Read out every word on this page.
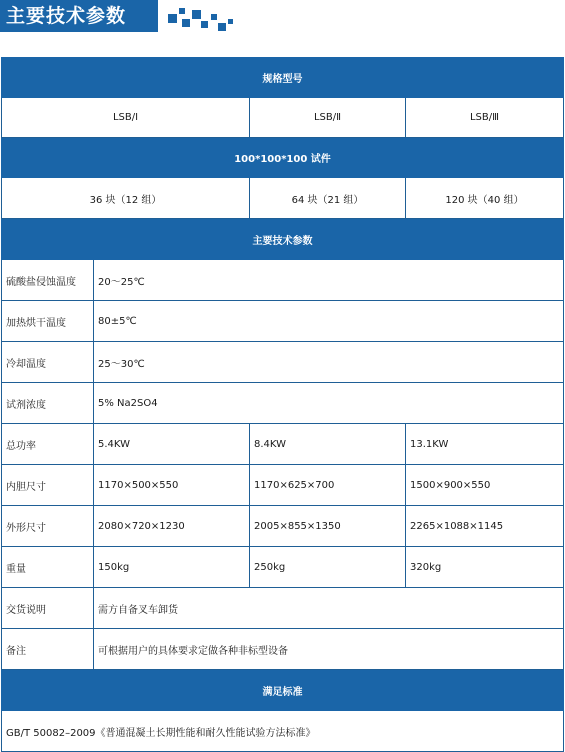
主要技术参数
规格型号			
LSB/Ⅰ		LSB/Ⅱ	LSB/Ⅲ
100*100*100 试件			
36 块（12 组）		64 块（21 组）	120 块（40 组）
主要技术参数			
硫酸盐侵蚀温度	20～25℃		
加热烘干温度	80±5℃		
冷却温度	25～30℃		
试剂浓度	5% Na2SO4		
总功率	5.4KW	8.4KW	13.1KW
内胆尺寸	1170×500×550	1170×625×700	1500×900×550
外形尺寸	2080×720×1230	2005×855×1350	2265×1088×1145
重量	150kg	250kg	320kg
交货说明	需方自备叉车卸货		
备注	可根据用户的具体要求定做各种非标型设备		
满足标准			
GB/T 50082–2009《普通混凝土长期性能和耐久性能试验方法标准》			
